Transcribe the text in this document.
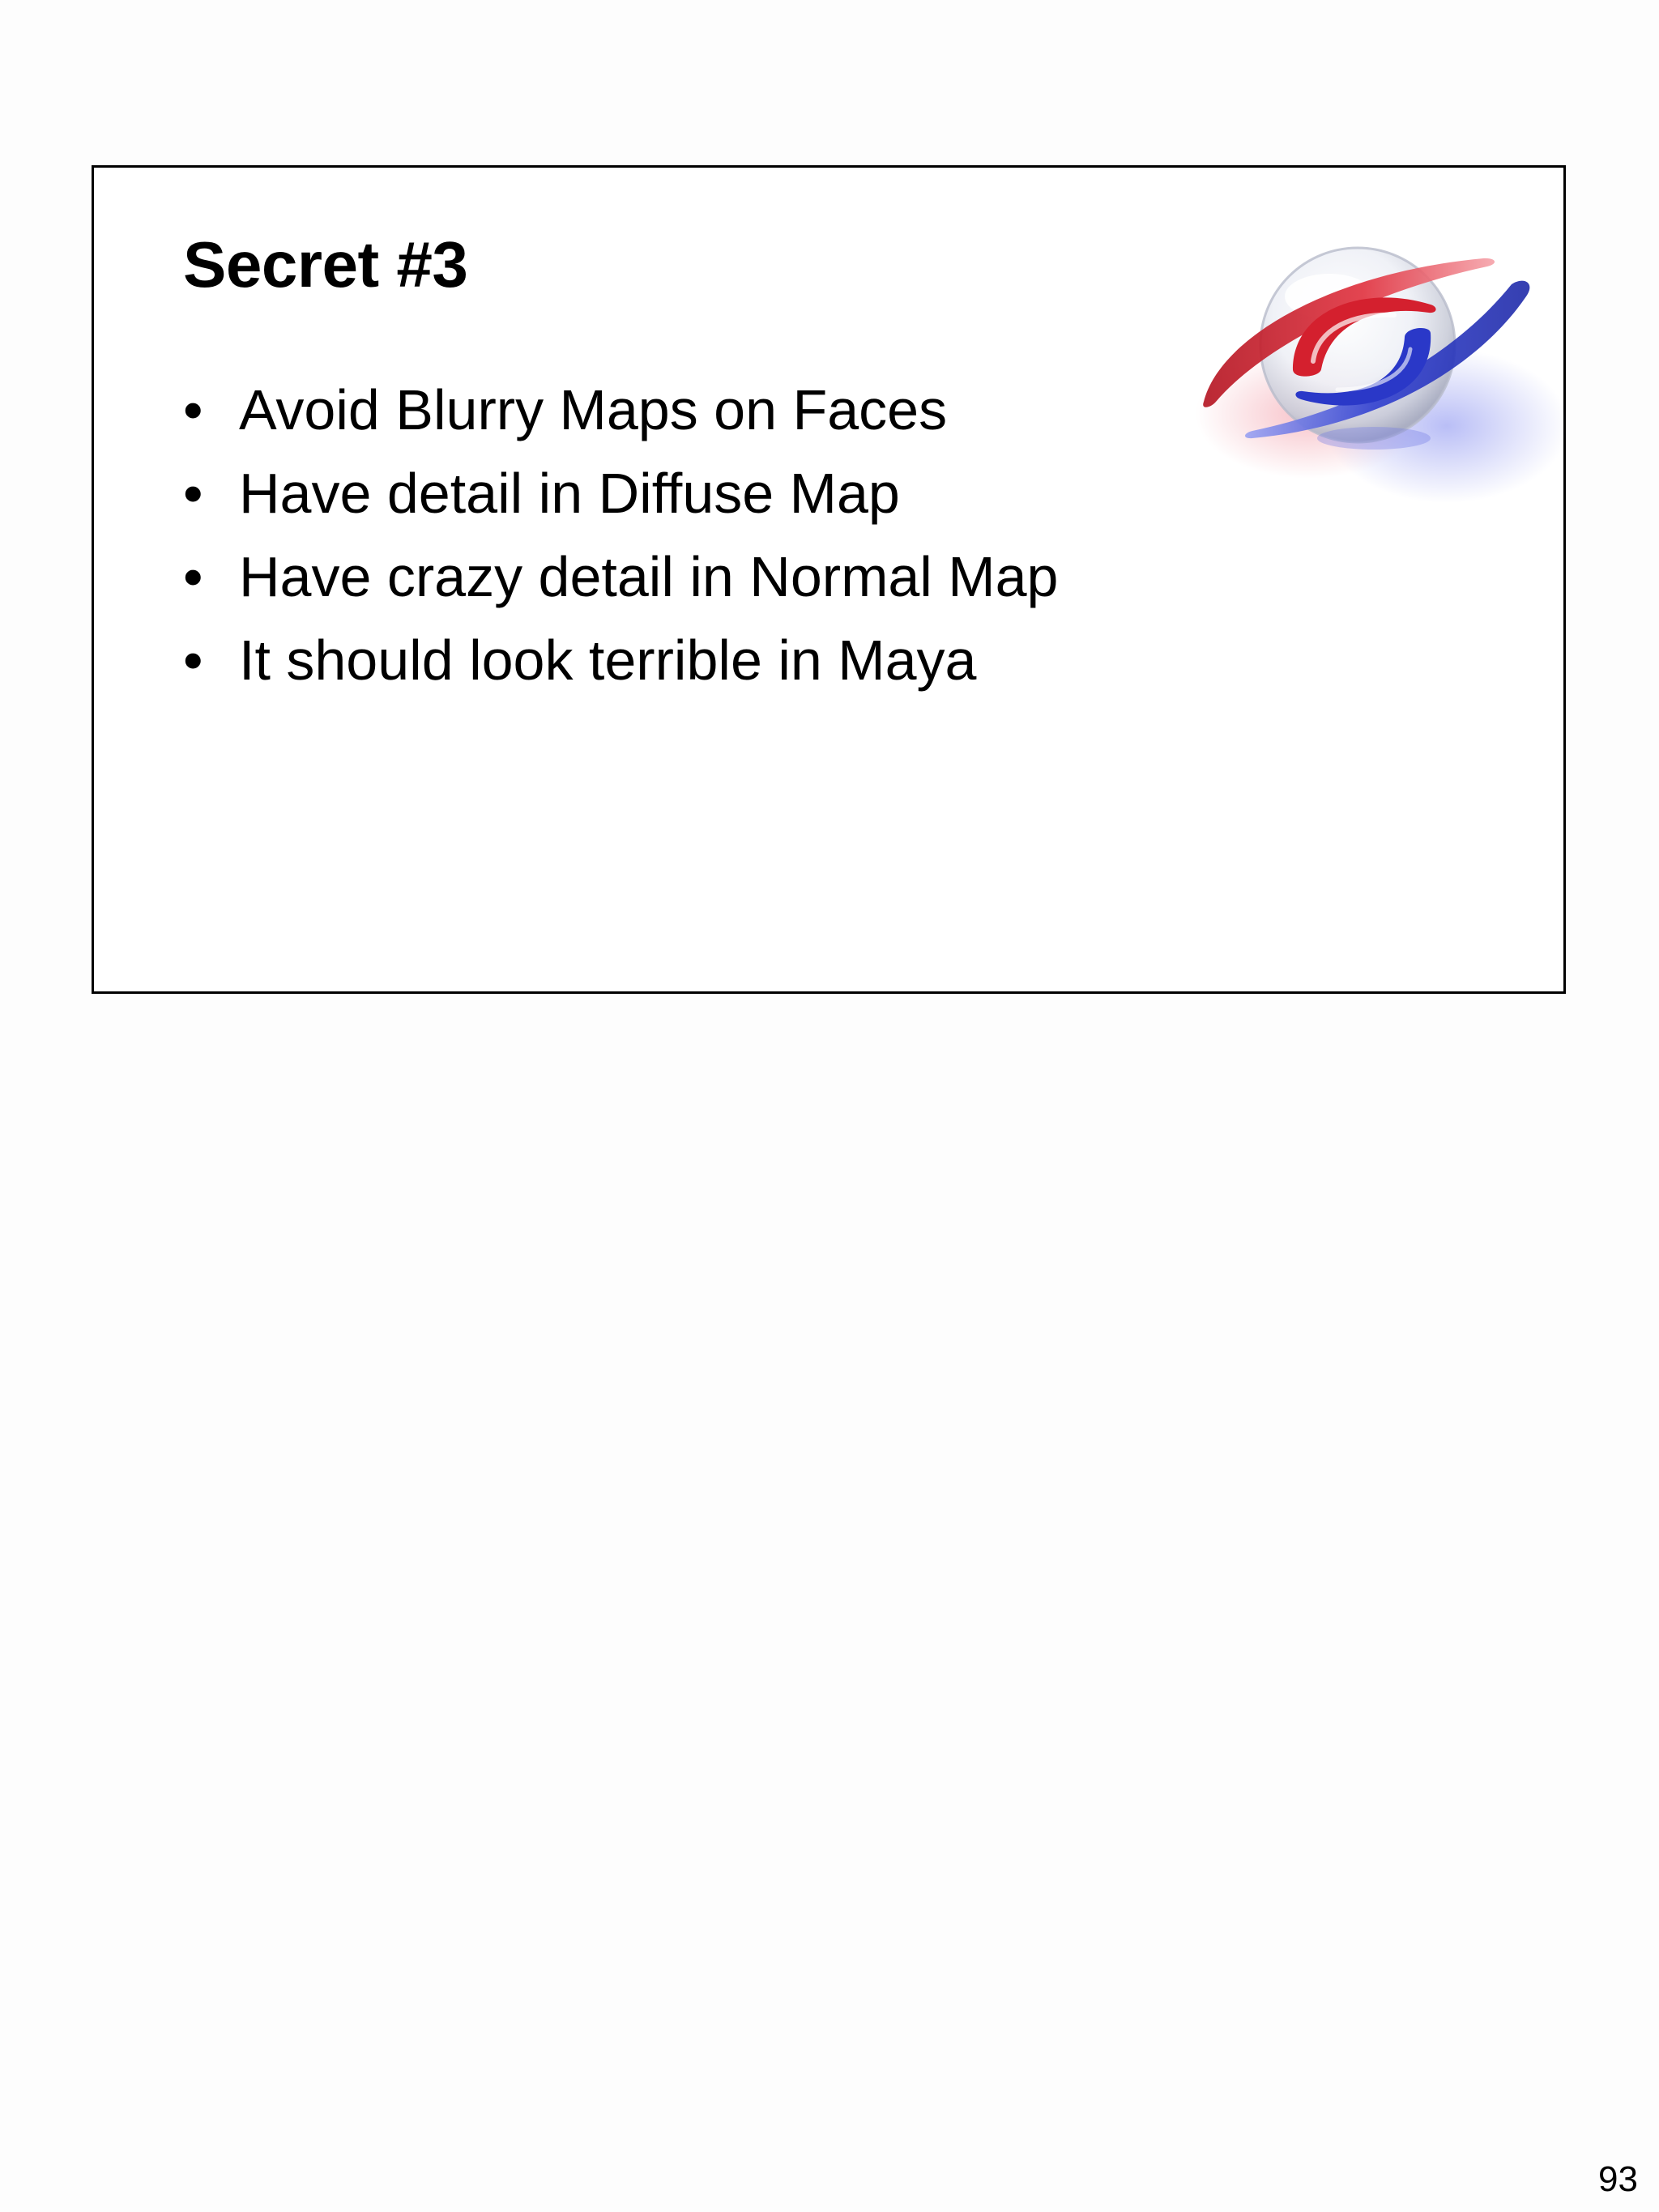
Secret #3
• Avoid Blurry Maps on Faces
• Have detail in Diffuse Map
• Have crazy detail in Normal Map
• It should look terrible in Maya
93
